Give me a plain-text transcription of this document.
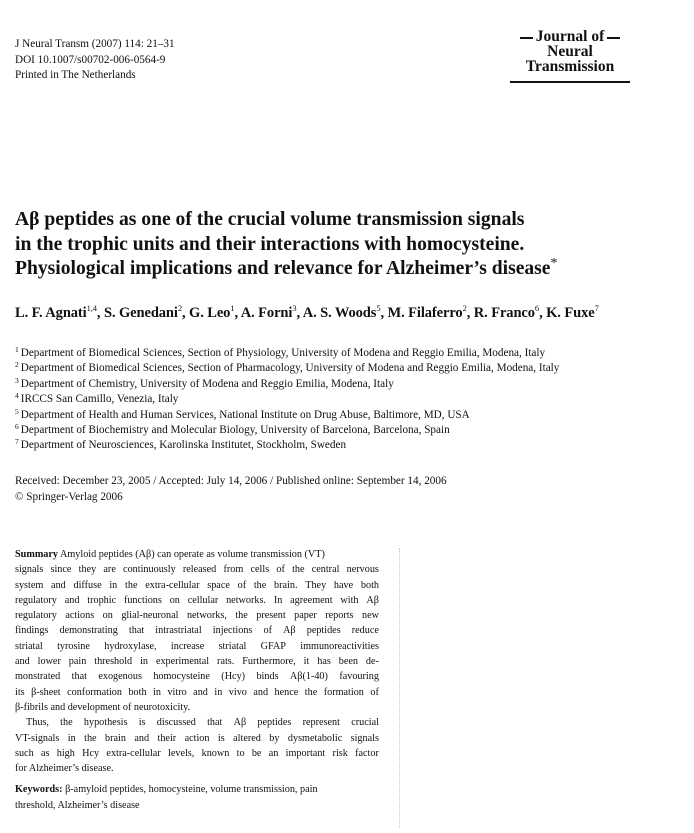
J Neural Transm (2007) 114: 21–31
DOI 10.1007/s00702-006-0564-9
Printed in The Netherlands
Journal of
Neural
Transmission
Aβ peptides as one of the crucial volume transmission signals
in the trophic units and their interactions with homocysteine.
Physiological implications and relevance for Alzheimer’s disease*
L. F. Agnati$^{1,4}$, S. Genedani$^2$, G. Leo$^1$, A. Forni$^3$, A. S. Woods$^5$, M. Filaferro$^2$, R. Franco$^6$, K. Fuxe$^7$
$^1$ Department of Biomedical Sciences, Section of Physiology, University of Modena and Reggio Emilia, Modena, Italy
$^2$ Department of Biomedical Sciences, Section of Pharmacology, University of Modena and Reggio Emilia, Modena, Italy
$^3$ Department of Chemistry, University of Modena and Reggio Emilia, Modena, Italy
$^4$ IRCCS San Camillo, Venezia, Italy
$^5$ Department of Health and Human Services, National Institute on Drug Abuse, Baltimore, MD, USA
$^6$ Department of Biochemistry and Molecular Biology, University of Barcelona, Barcelona, Spain
$^7$ Department of Neurosciences, Karolinska Institutet, Stockholm, Sweden
Received: December 23, 2005 / Accepted: July 14, 2006 / Published online: September 14, 2006
© Springer-Verlag 2006
Summary Amyloid peptides (Aβ) can operate as volume transmission (VT)
signals since they are continuously released from cells of the central nervous
system and diffuse in the extra-cellular space of the brain. They have both
regulatory and trophic functions on cellular networks. In agreement with Aβ
regulatory actions on glial-neuronal networks, the present paper reports new
findings demonstrating that intrastriatal injections of Aβ peptides reduce
striatal tyrosine hydroxylase, increase striatal GFAP immunoreactivities
and lower pain threshold in experimental rats. Furthermore, it has been de-
monstrated that exogenous homocysteine (Hcy) binds Aβ(1-40) favouring
its β-sheet conformation both in vitro and in vivo and hence the formation of
β-fibrils and development of neurotoxicity.
Thus, the hypothesis is discussed that Aβ peptides represent crucial
VT-signals in the brain and their action is altered by dysmetabolic signals
such as high Hcy extra-cellular levels, known to be an important risk factor
for Alzheimer’s disease.
Keywords: β-amyloid peptides, homocysteine, volume transmission, pain
threshold, Alzheimer’s disease
